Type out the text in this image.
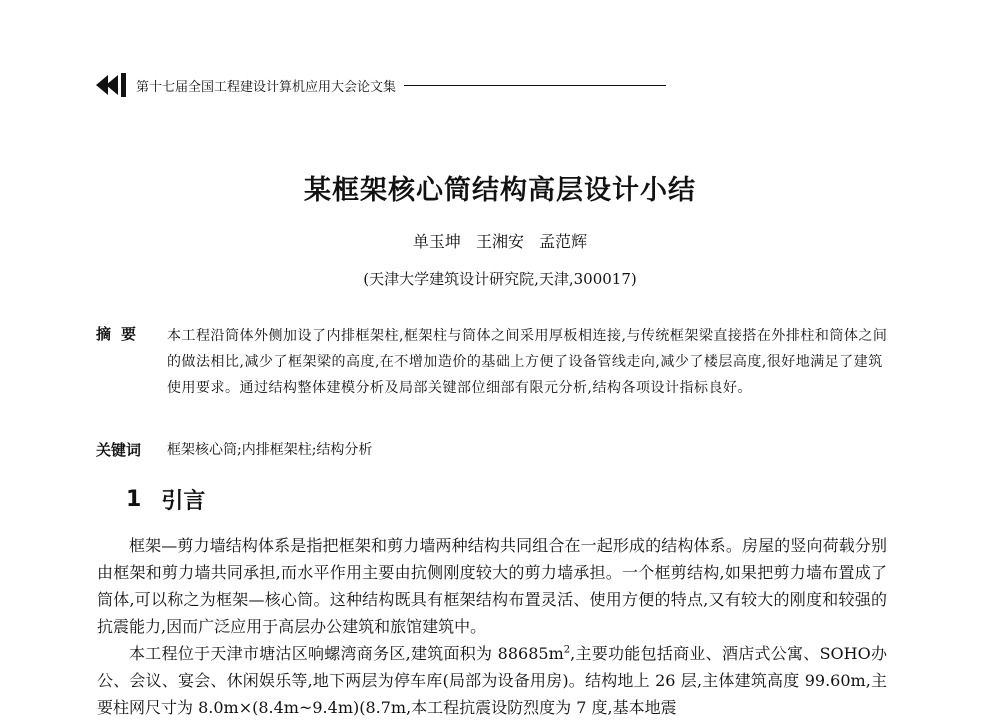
第十七届全国工程建设计算机应用大会论文集
某框架核心筒结构高层设计小结
单玉坤 王湘安 孟范辉
(天津大学建筑设计研究院,天津,300017)
摘要 本工程沿筒体外侧加设了内排框架柱,框架柱与筒体之间采用厚板相连接,与传统框架梁直接搭在外排柱和筒体之间的做法相比,减少了框架梁的高度,在不增加造价的基础上方便了设备管线走向,减少了楼层高度,很好地满足了建筑使用要求。通过结构整体建模分析及局部关键部位细部有限元分析,结构各项设计指标良好。
关键词	框架核心筒;内排框架柱;结构分析
1 引言

框架—剪力墙结构体系是指把框架和剪力墙两种结构共同组合在一起形成的结构体系。房屋的竖向荷载分别由框架和剪力墙共同承担,而水平作用主要由抗侧刚度较大的剪力墙承担。一个框剪结构,如果把剪力墙布置成了筒体,可以称之为框架—核心筒。这种结构既具有框架结构布置灵活、使用方便的特点,又有较大的刚度和较强的抗震能力,因而广泛应用于高层办公建筑和旅馆建筑中。

本工程位于天津市塘沽区响螺湾商务区,建筑面积为 $88685m^2$,主要功能包括商业、酒店式公寓、SOHO办公、会议、宴会、休闲娱乐等,地下两层为停车库(局部为设备用房)。结构地上 26 层,主体建筑高度 99.60m,主要柱网尺寸为 8.0m×(8.4m~9.4m)(8.7m,本工程抗震设防烈度为 7 度,基本地震
